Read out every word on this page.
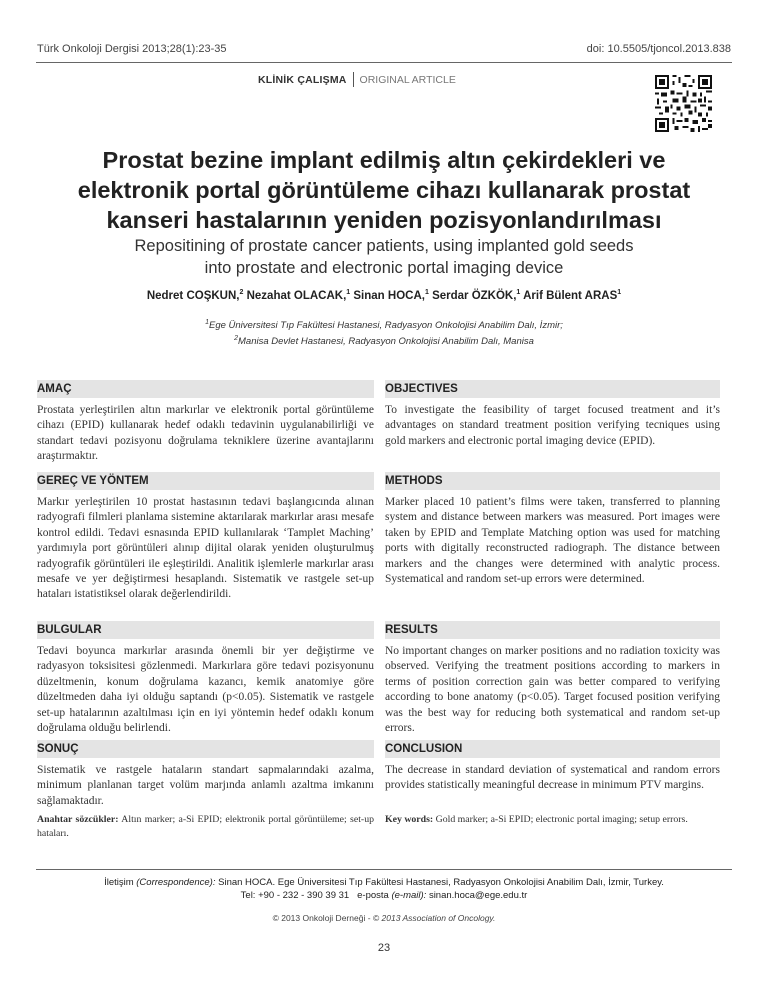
Türk Onkoloji Dergisi 2013;28(1):23-35	doi: 10.5505/tjoncol.2013.838
KLİNİK ÇALIŞMA ORIGINAL ARTICLE
Prostat bezine implant edilmiş altın çekirdekleri ve
elektronik portal görüntüleme cihazı kullanarak prostat
kanseri hastalarının yeniden pozisyonlandırılması
Repositining of prostate cancer patients, using implanted gold seeds
into prostate and electronic portal imaging device
Nedret COŞKUN,$^2$ Nezahat OLACAK,$^1$ Sinan HOCA,$^1$ Serdar ÖZKÖK,$^1$ Arif Bülent ARAS$^1$
$^1$Ege Üniversitesi Tıp Fakültesi Hastanesi, Radyasyon Onkolojisi Anabilim Dalı, İzmir;
$^2$Manisa Devlet Hastanesi, Radyasyon Onkolojisi Anabilim Dalı, Manisa
AMAÇ
Prostata yerleştirilen altın markırlar ve elektronik portal görüntüleme cihazı (EPID) kullanarak hedef odaklı tedavinin uygulanabilirliği ve standart tedavi pozisyonu doğrulama tekniklere üzerine avantajlarını araştırmaktır.
GEREÇ VE YÖNTEM
Markır yerleştirilen 10 prostat hastasının tedavi başlangıcında alınan radyografi filmleri planlama sistemine aktarılarak markırlar arası mesafe kontrol edildi. Tedavi esnasında EPID kullanılarak ‘Tamplet Maching’ yardımıyla port görüntüleri alınıp dijital olarak yeniden oluşturulmuş radyografik görüntüleri ile eşleştirildi. Analitik işlemlerle markırlar arası mesafe ve yer değiştirmesi hesaplandı. Sistematik ve rastgele set-up hataları istatistiksel olarak değerlendirildi.
BULGULAR
Tedavi boyunca markırlar arasında önemli bir yer değiştirme ve radyasyon toksisitesi gözlenmedi. Markırlara göre tedavi pozisyonunu düzeltmenin, konum doğrulama kazancı, kemik anatomiye göre düzeltmeden daha iyi olduğu saptandı (p<0.05). Sistematik ve rastgele set-up hatalarının azaltılması için en iyi yöntemin hedef odaklı konum doğrulama olduğu belirlendi.
SONUÇ
Sistematik ve rastgele hataların standart sapmalarındaki azalma, minimum planlanan target volüm marjında anlamlı azaltma imkanını sağlamaktadır.
Anahtar sözcükler: Altın marker; a-Si EPID; elektronik portal görüntüleme; set-up hataları.
OBJECTIVES
To investigate the feasibility of target focused treatment and it’s advantages on standard treatment position verifying tecniques using gold markers and electronic portal imaging device (EPID).
METHODS
Marker placed 10 patient’s films were taken, transferred to planning system and distance between markers was measured. Port images were taken by EPID and Template Matching option was used for matching ports with digitally reconstructed radiograph. The distance between markers and the changes were determined with analytic process. Systematical and random set-up errors were determined.
RESULTS
No important changes on marker positions and no radiation toxicity was observed. Verifying the treatment positions according to markers in terms of position correction gain was better compared to verifying according to bone anatomy (p<0.05). Target focused position verifying was the best way for reducing both systematical and random set-up errors.
CONCLUSION
The decrease in standard deviation of systematical and random errors provides statistically meaningful decrease in minimum PTV margins.
Key words: Gold marker; a-Si EPID; electronic portal imaging; setup errors.
İletişim (Correspondence): Sinan HOCA. Ege Üniversitesi Tıp Fakültesi Hastanesi, Radyasyon Onkolojisi Anabilim Dalı, İzmir, Turkey.
Tel: +90 - 232 - 390 39 31 e-posta (e-mail): sinan.hoca@ege.edu.tr
© 2013 Onkoloji Derneği - © 2013 Association of Oncology.
23
